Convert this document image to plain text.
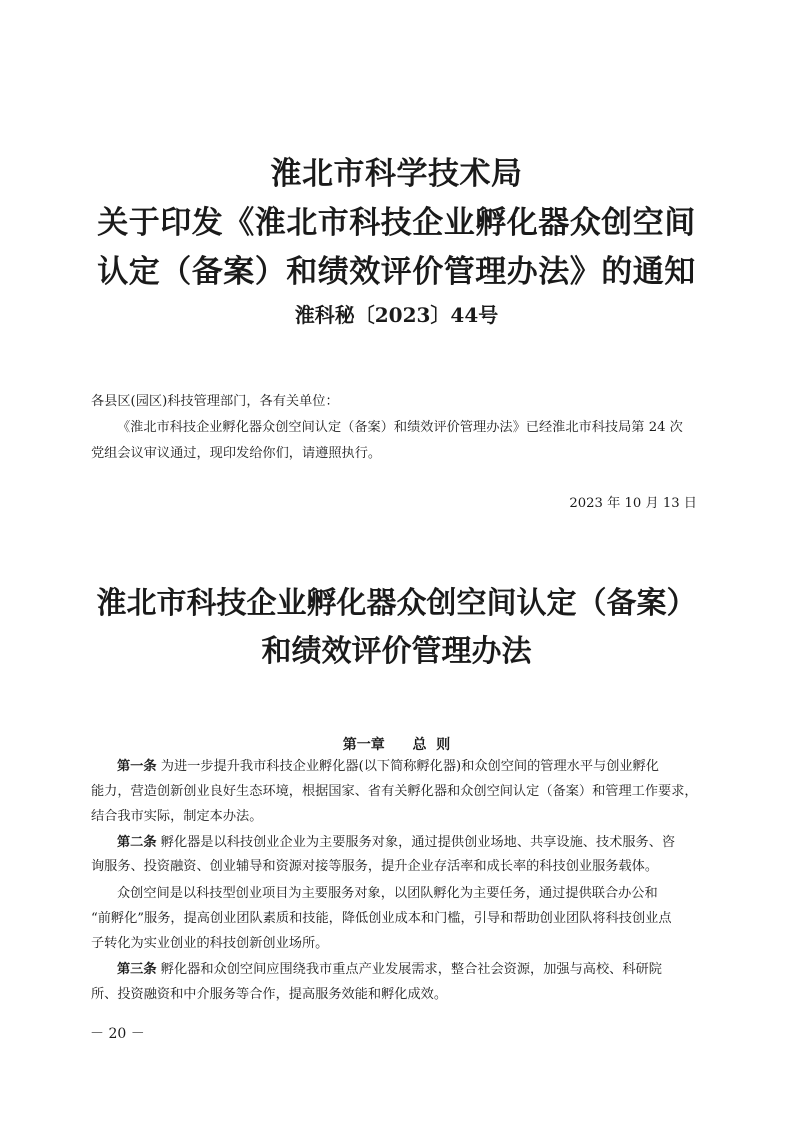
淮北市科学技术局
关于印发《淮北市科技企业孵化器众创空间
认定（备案）和绩效评价管理办法》的通知
淮科秘〔2023〕44号
各县区(园区)科技管理部门，各有关单位：
《淮北市科技企业孵化器众创空间认定（备案）和绩效评价管理办法》已经淮北市科技局第 24 次
党组会议审议通过，现印发给你们，请遵照执行。
2023 年 10 月 13 日
淮北市科技企业孵化器众创空间认定（备案）
和绩效评价管理办法
第一章 总  则
第一条 为进一步提升我市科技企业孵化器(以下简称孵化器)和众创空间的管理水平与创业孵化
能力，营造创新创业良好生态环境，根据国家、省有关孵化器和众创空间认定（备案）和管理工作要求，
结合我市实际，制定本办法。
第二条 孵化器是以科技创业企业为主要服务对象，通过提供创业场地、共享设施、技术服务、咨
询服务、投资融资、创业辅导和资源对接等服务，提升企业存活率和成长率的科技创业服务载体。
众创空间是以科技型创业项目为主要服务对象，以团队孵化为主要任务，通过提供联合办公和
“前孵化”服务，提高创业团队素质和技能，降低创业成本和门槛，引导和帮助创业团队将科技创业点
子转化为实业创业的科技创新创业场所。
第三条 孵化器和众创空间应围绕我市重点产业发展需求，整合社会资源，加强与高校、科研院
所、投资融资和中介服务等合作，提高服务效能和孵化成效。
－ 20 －
